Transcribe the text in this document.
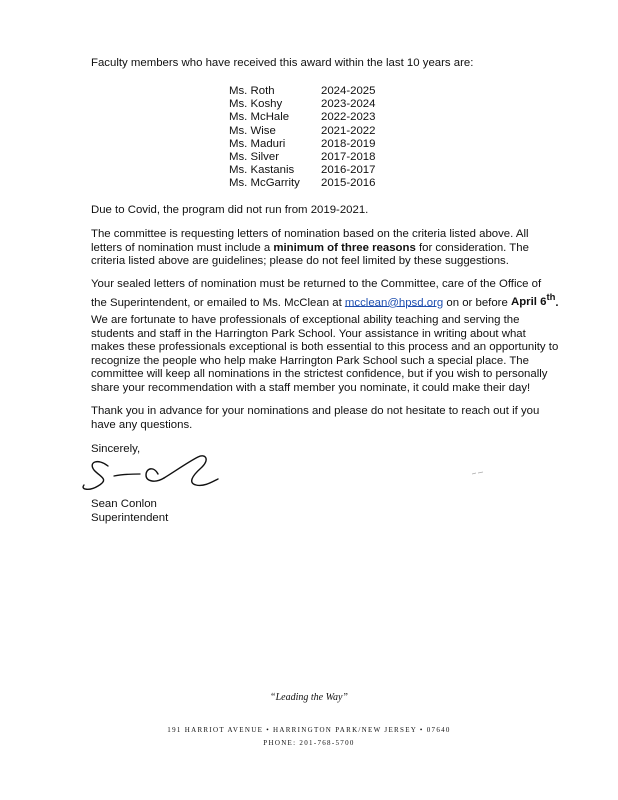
Faculty members who have received this award within the last 10 years are:

Ms. Roth	2024-2025
Ms. Koshy	2023-2024
Ms. McHale	2022-2023
Ms. Wise	2021-2022
Ms. Maduri	2018-2019
Ms. Silver	2017-2018
Ms. Kastanis	2016-2017
Ms. McGarrity	2015-2016

Due to Covid, the program did not run from 2019-2021.

The committee is requesting letters of nomination based on the criteria listed above. All letters of nomination must include a minimum of three reasons for consideration. The criteria listed above are guidelines; please do not feel limited by these suggestions.

Your sealed letters of nomination must be returned to the Committee, care of the Office of the Superintendent, or emailed to Ms. McClean at mcclean@hpsd.org on or before April 6th.

We are fortunate to have professionals of exceptional ability teaching and serving the students and staff in the Harrington Park School. Your assistance in writing about what makes these professionals exceptional is both essential to this process and an opportunity to recognize the people who help make Harrington Park School such a special place. The committee will keep all nominations in the strictest confidence, but if you wish to personally share your recommendation with a staff member you nominate, it could make their day!

Thank you in advance for your nominations and please do not hesitate to reach out if you have any questions.

Sincerely,

Sean Conlon
Superintendent

“Leading the Way”
191 HARRIOT AVENUE • HARRINGTON PARK/NEW JERSEY • 07640
PHONE: 201-768-5700
